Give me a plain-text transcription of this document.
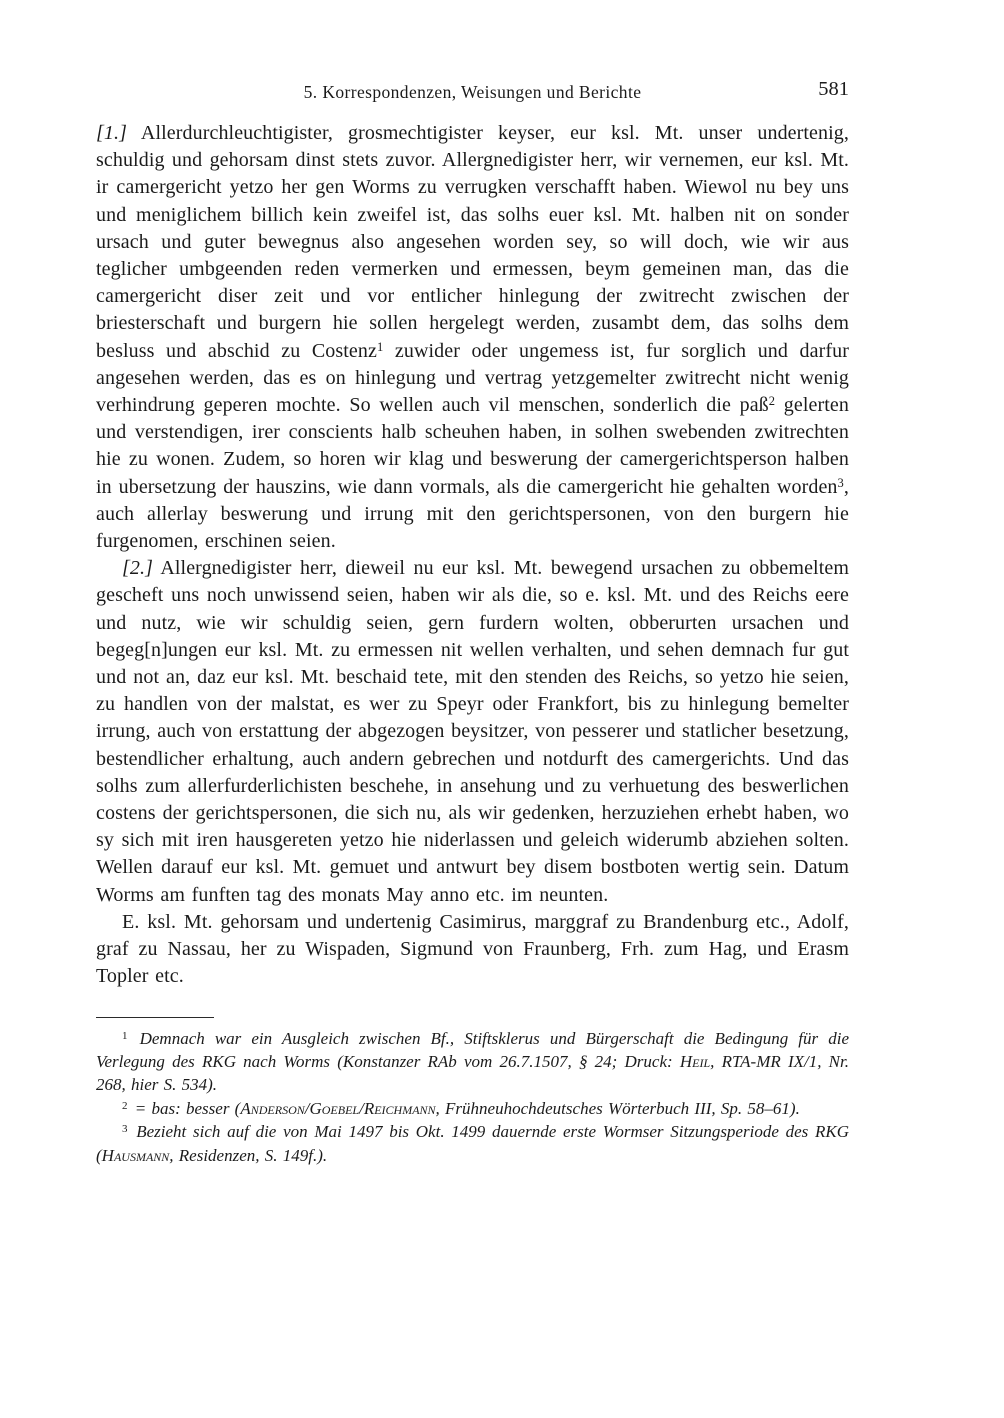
5. Korrespondenzen, Weisungen und Berichte	581

[1.] Allerdurchleuchtigister, grosmechtigister keyser, eur ksl. Mt. unser undertenig, schuldig und gehorsam dinst stets zuvor. Allergnedigister herr, wir vernemen, eur ksl. Mt. ir camergericht yetzo her gen Worms zu verrugken verschafft haben. Wiewol nu bey uns und meniglichem billich kein zweifel ist, das solhs euer ksl. Mt. halben nit on sonder ursach und guter bewegnus also angesehen worden sey, so will doch, wie wir aus teglicher umbgeenden reden vermerken und ermessen, beym gemeinen man, das die camergericht diser zeit und vor entlicher hinlegung der zwitrecht zwischen der briesterschaft und burgern hie sollen hergelegt werden, zusambt dem, das solhs dem besluss und abschid zu Costenz$^1$ zuwider oder ungemess ist, fur sorglich und darfur angesehen werden, das es on hinlegung und vertrag yetzgemelter zwitrecht nicht wenig verhindrung geperen mochte. So wellen auch vil menschen, sonderlich die paß$^2$ gelerten und verstendigen, irer conscients halb scheuhen haben, in solhen swebenden zwitrechten hie zu wonen. Zudem, so horen wir klag und beswerung der camergerichtsperson halben in ubersetzung der hauszins, wie dann vormals, als die camergericht hie gehalten worden$^3$, auch allerlay beswerung und irrung mit den gerichtspersonen, von den burgern hie furgenomen, erschinen seien.

[2.] Allergnedigister herr, dieweil nu eur ksl. Mt. bewegend ursachen zu obbemeltem gescheft uns noch unwissend seien, haben wir als die, so e. ksl. Mt. und des Reichs eere und nutz, wie wir schuldig seien, gern furdern wolten, obberurten ursachen und begeg[n]ungen eur ksl. Mt. zu ermessen nit wellen verhalten, und sehen demnach fur gut und not an, daz eur ksl. Mt. beschaid tete, mit den stenden des Reichs, so yetzo hie seien, zu handlen von der malstat, es wer zu Speyr oder Frankfort, bis zu hinlegung bemelter irrung, auch von erstattung der abgezogen beysitzer, von pesserer und statlicher besetzung, bestendlicher erhaltung, auch andern gebrechen und notdurft des camergerichts. Und das solhs zum allerfurderlichisten beschehe, in ansehung und zu verhuetung des beswerlichen costens der gerichtspersonen, die sich nu, als wir gedenken, herzuziehen erhebt haben, wo sy sich mit iren hausgereten yetzo hie niderlassen und geleich widerumb abziehen solten. Wellen darauf eur ksl. Mt. gemuet und antwurt bey disem bostboten wertig sein. Datum Worms am funften tag des monats May anno etc. im neunten.

E. ksl. Mt. gehorsam und undertenig Casimirus, marggraf zu Brandenburg etc., Adolf, graf zu Nassau, her zu Wispaden, Sigmund von Fraunberg, Frh. zum Hag, und Erasm Topler etc.

$^1$ Demnach war ein Ausgleich zwischen Bf., Stiftsklerus und Bürgerschaft die Bedingung für die Verlegung des RKG nach Worms (Konstanzer RAb vom 26.7.1507, § 24; Druck: Heil, RTA-MR IX/1, Nr. 268, hier S. 534).

$^2$ = bas: besser (Anderson/Goebel/Reichmann, Frühneuhochdeutsches Wörterbuch III, Sp. 58–61).

$^3$ Bezieht sich auf die von Mai 1497 bis Okt. 1499 dauernde erste Wormser Sitzungsperiode des RKG (Hausmann, Residenzen, S. 149f.).
